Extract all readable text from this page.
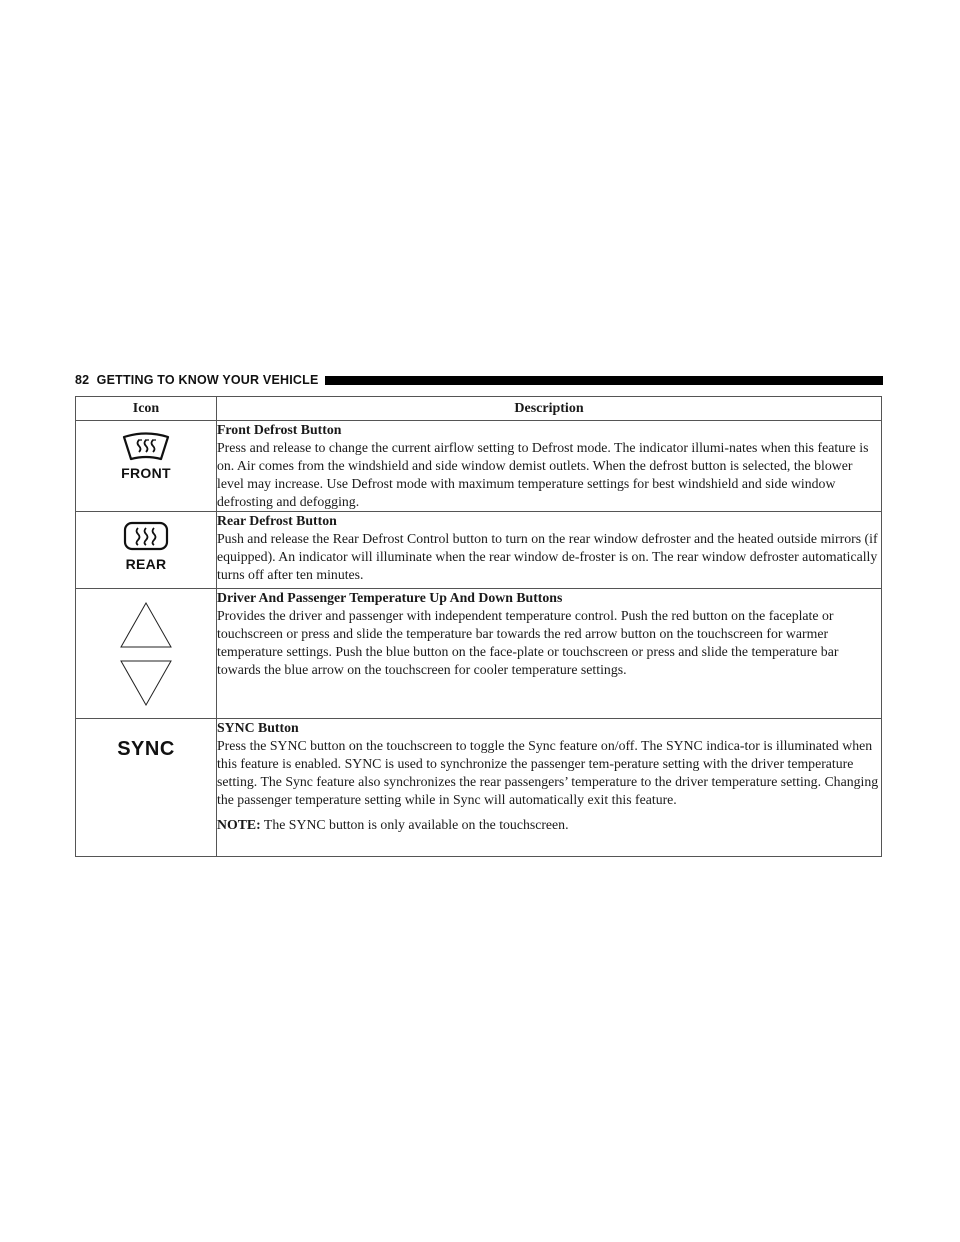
82 GETTING TO KNOW YOUR VEHICLE
Icon	Description

FRONT	Front Defrost Button

Press and release to change the current airflow setting to Defrost mode. The indicator illumi-nates when this feature is on. Air comes from the windshield and side window demist outlets. When the defrost button is selected, the blower level may increase. Use Defrost mode with maximum temperature settings for best windshield and side window defrosting and defogging.

REAR	Rear Defrost Button

Push and release the Rear Defrost Control button to turn on the rear window defroster and the heated outside mirrors (if equipped). An indicator will illuminate when the rear window de-froster is on. The rear window defroster automatically turns off after ten minutes.

Driver And Passenger Temperature Up And Down Buttons

Provides the driver and passenger with independent temperature control. Push the red button on the faceplate or touchscreen or press and slide the temperature bar towards the red arrow button on the touchscreen for warmer temperature settings. Push the blue button on the face-plate or touchscreen or press and slide the temperature bar towards the blue arrow on the touchscreen for cooler temperature settings.

SYNC	SYNC Button

Press the SYNC button on the touchscreen to toggle the Sync feature on/off. The SYNC indica-tor is illuminated when this feature is enabled. SYNC is used to synchronize the passenger tem-perature setting with the driver temperature setting. The Sync feature also synchronizes the rear passengers’ temperature to the driver temperature setting. Changing the passenger temperature setting while in Sync will automatically exit this feature.

NOTE: The SYNC button is only available on the touchscreen.
